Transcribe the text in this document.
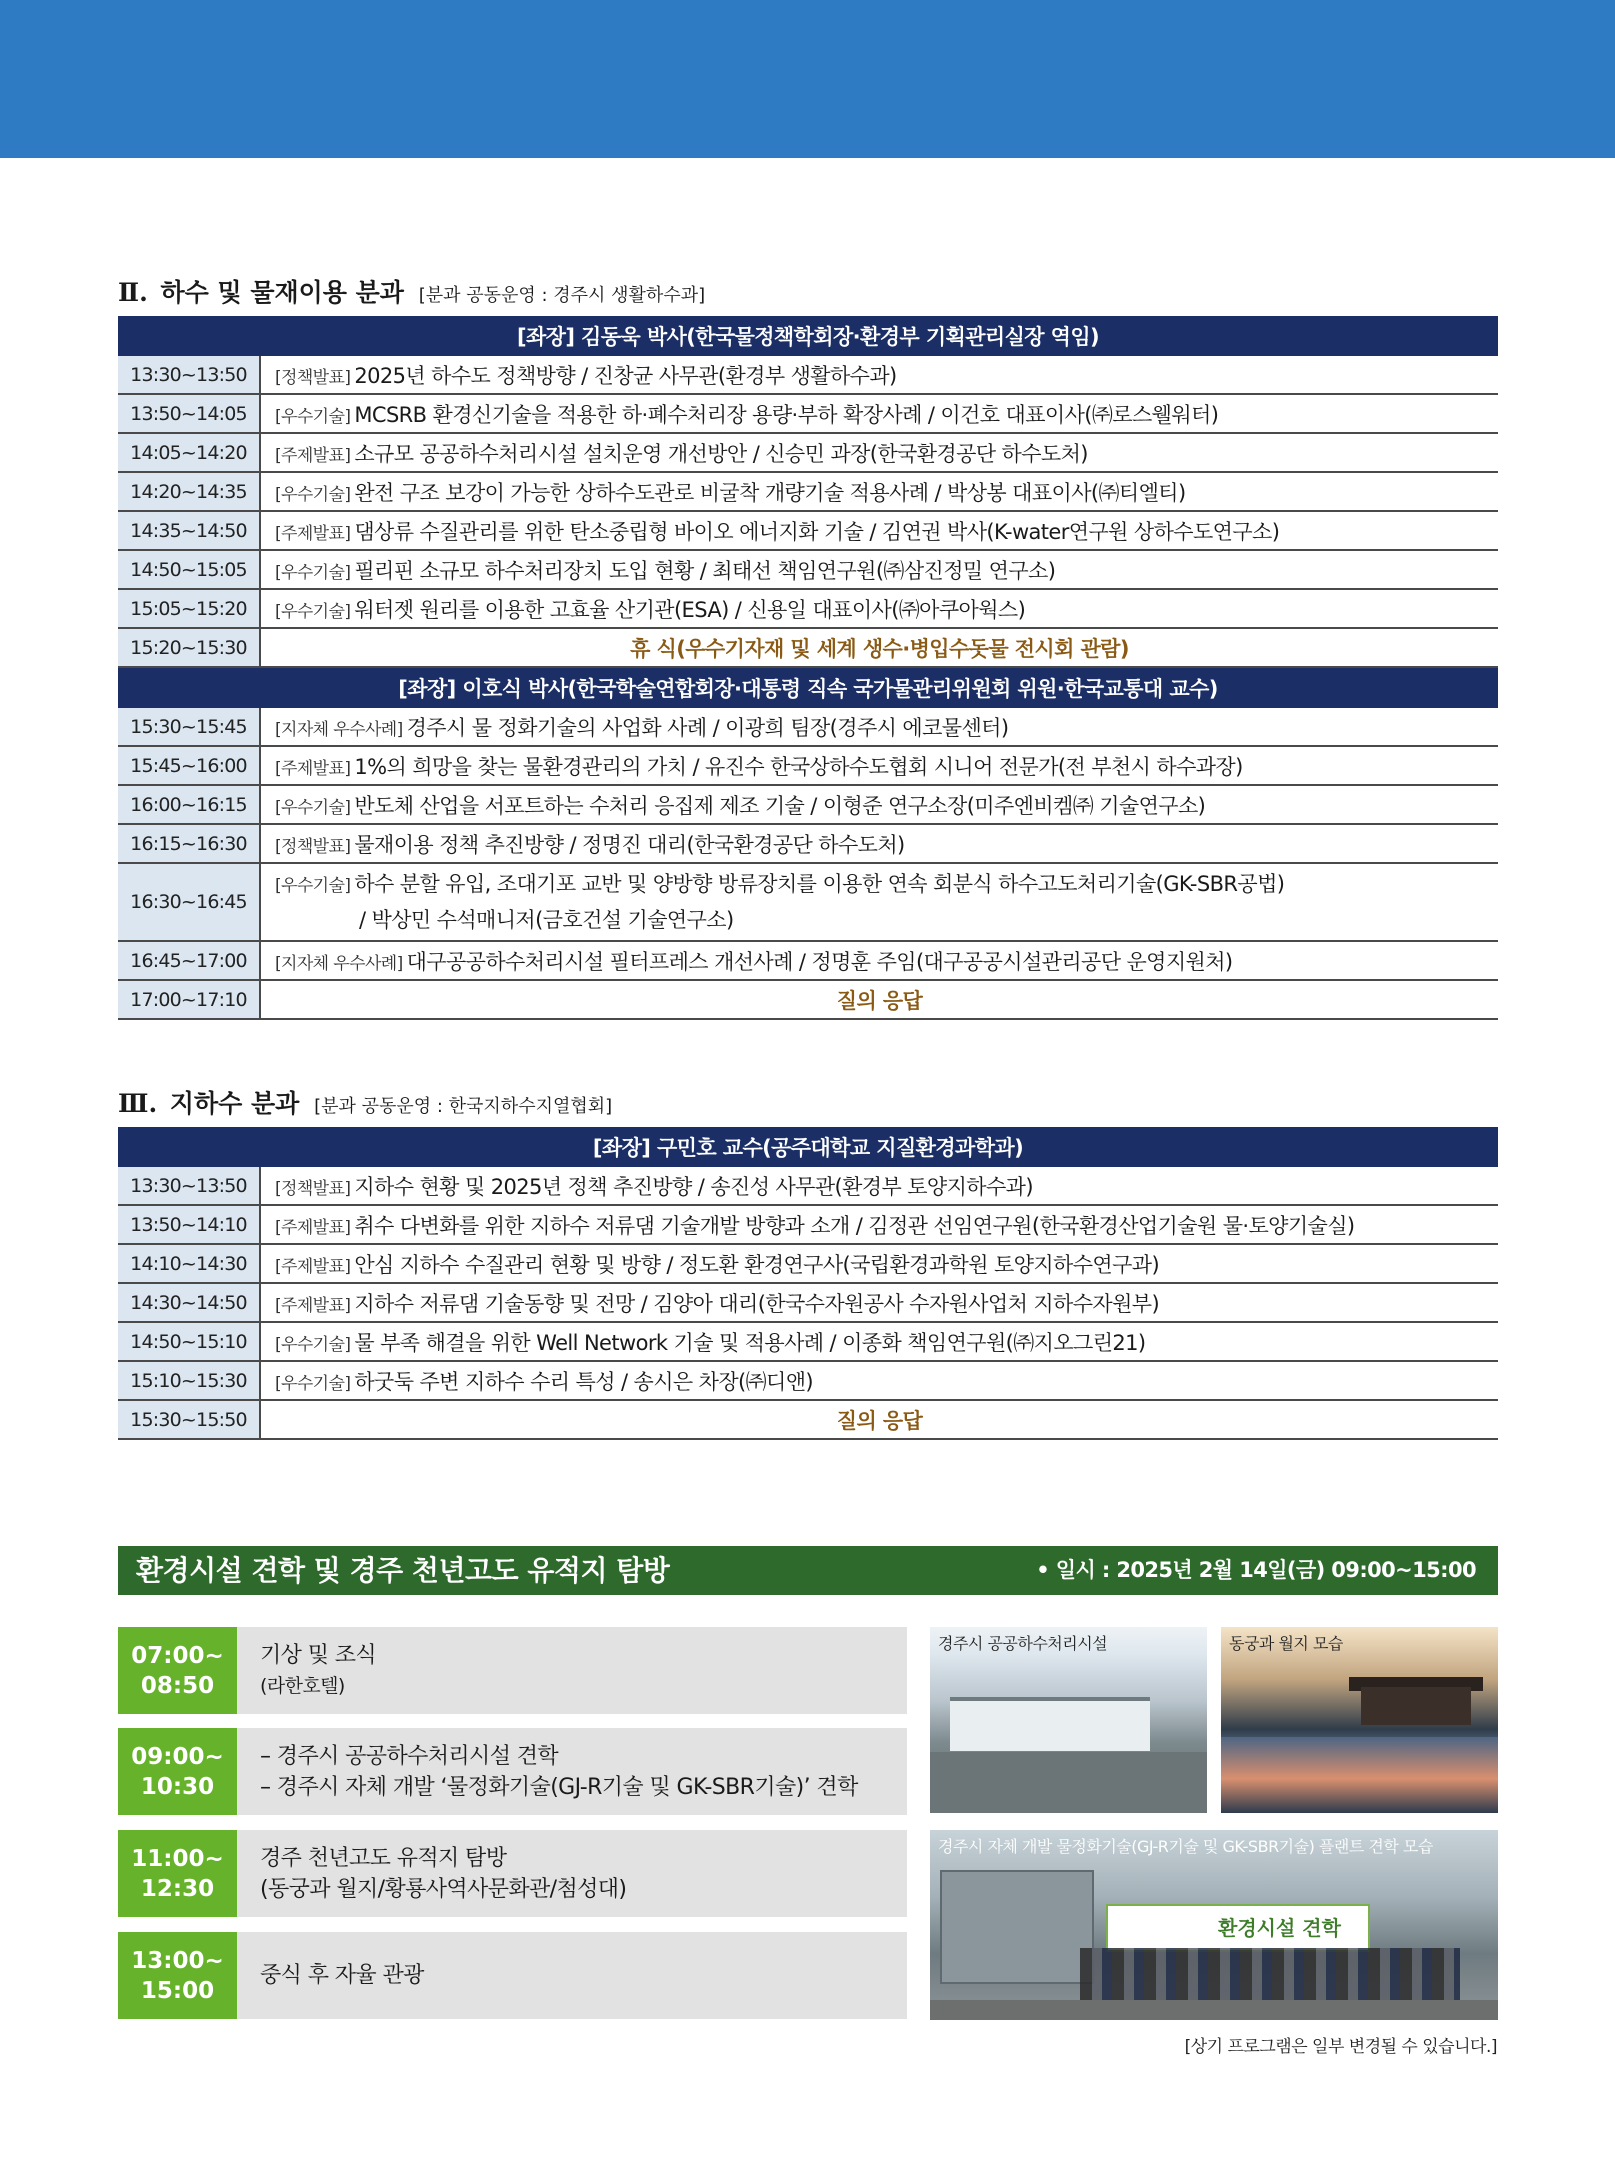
Ⅱ. 하수 및 물재이용 분과 [분과 공동운영 : 경주시 생활하수과]
[좌장] 김동욱 박사(한국물정책학회장·환경부 기획관리실장 역임)	
13:30~13:50	[정책발표] 2025년 하수도 정책방향 / 진창균 사무관(환경부 생활하수과)
13:50~14:05	[우수기술] MCSRB 환경신기술을 적용한 하·폐수처리장 용량·부하 확장사례 / 이건호 대표이사(㈜로스웰워터)
14:05~14:20	[주제발표] 소규모 공공하수처리시설 설치운영 개선방안 / 신승민 과장(한국환경공단 하수도처)
14:20~14:35	[우수기술] 완전 구조 보강이 가능한 상하수도관로 비굴착 개량기술 적용사례 / 박상봉 대표이사(㈜티엘티)
14:35~14:50	[주제발표] 댐상류 수질관리를 위한 탄소중립형 바이오 에너지화 기술 / 김연권 박사(K-water연구원 상하수도연구소)
14:50~15:05	[우수기술] 필리핀 소규모 하수처리장치 도입 현황 / 최태선 책임연구원(㈜삼진정밀 연구소)
15:05~15:20	[우수기술] 워터젯 원리를 이용한 고효율 산기관(ESA) / 신용일 대표이사(㈜아쿠아웍스)
15:20~15:30	휴 식(우수기자재 및 세계 생수·병입수돗물 전시회 관람)
[좌장] 이호식 박사(한국학술연합회장·대통령 직속 국가물관리위원회 위원·한국교통대 교수)	
15:30~15:45	[지자체 우수사례] 경주시 물 정화기술의 사업화 사례 / 이광희 팀장(경주시 에코물센터)
15:45~16:00	[주제발표] 1%의 희망을 찾는 물환경관리의 가치 / 유진수 한국상하수도협회 시니어 전문가(전 부천시 하수과장)
16:00~16:15	[우수기술] 반도체 산업을 서포트하는 수처리 응집제 제조 기술 / 이형준 연구소장(미주엔비켐㈜ 기술연구소)
16:15~16:30	[정책발표] 물재이용 정책 추진방향 / 정명진 대리(한국환경공단 하수도처)
16:30~16:45	[우수기술] 하수 분할 유입, 조대기포 교반 및 양방향 방류장치를 이용한 연속 회분식 하수고도처리기술(GK-SBR공법)
/ 박상민 수석매니저(금호건설 기술연구소)

16:45~17:00	[지자체 우수사례] 대구공공하수처리시설 필터프레스 개선사례 / 정명훈 주임(대구공공시설관리공단 운영지원처)
17:00~17:10	질의 응답
Ⅲ. 지하수 분과 [분과 공동운영 : 한국지하수지열협회]
[좌장] 구민호 교수(공주대학교 지질환경과학과)	
13:30~13:50	[정책발표] 지하수 현황 및 2025년 정책 추진방향 / 송진성 사무관(환경부 토양지하수과)
13:50~14:10	[주제발표] 취수 다변화를 위한 지하수 저류댐 기술개발 방향과 소개 / 김정관 선임연구원(한국환경산업기술원 물·토양기술실)
14:10~14:30	[주제발표] 안심 지하수 수질관리 현황 및 방향 / 정도환 환경연구사(국립환경과학원 토양지하수연구과)
14:30~14:50	[주제발표] 지하수 저류댐 기술동향 및 전망 / 김양아 대리(한국수자원공사 수자원사업처 지하수자원부)
14:50~15:10	[우수기술] 물 부족 해결을 위한 Well Network 기술 및 적용사례 / 이종화 책임연구원(㈜지오그린21)
15:10~15:30	[우수기술] 하굿둑 주변 지하수 수리 특성 / 송시은 차장(㈜디앤)
15:30~15:50	질의 응답
환경시설 견학 및 경주 천년고도 유적지 탐방	• 일시 : 2025년 2월 14일(금) 09:00~15:00
07:00~
08:50
기상 및 조식
(라한호텔)
09:00~
10:30
– 경주시 공공하수처리시설 견학
– 경주시 자체 개발 ‘물정화기술(GJ-R기술 및 GK-SBR기술)’ 견학
11:00~
12:30
경주 천년고도 유적지 탐방
(동궁과 월지/황룡사역사문화관/첨성대)
13:00~
15:00
중식 후 자율 관광
경주시 공공하수처리시설	동궁과 월지 모습
환경시설 견학
경주시 자체 개발 물정화기술(GJ-R기술 및 GK-SBR기술) 플랜트 견학 모습
[상기 프로그램은 일부 변경될 수 있습니다.]
